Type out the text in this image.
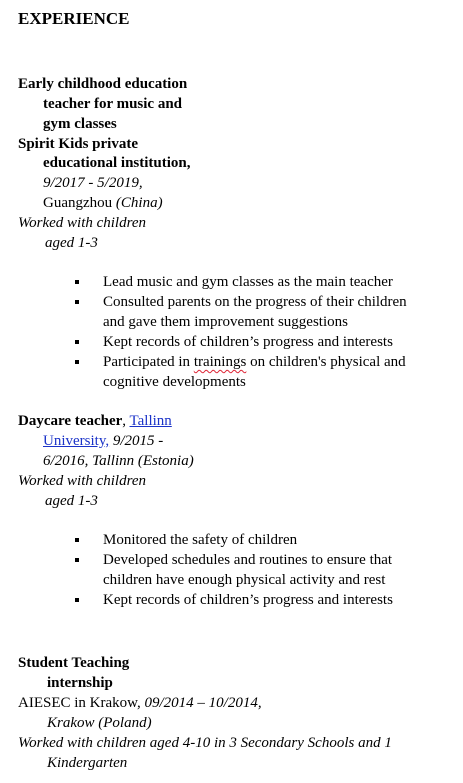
EXPERIENCE
Early childhood education
teacher for music and
gym classes
Spirit Kids private
educational institution,
9/2017 - 5/2019,
Guangzhou (China)
Worked with children
aged 1-3
Lead music and gym classes as the main teacher
Consulted parents on the progress of their children
and gave them improvement suggestions
Kept records of children’s progress and interests
Participated in trainings on children's physical and
cognitive developments
Daycare teacher, Tallinn
University, 9/2015 -
6/2016, Tallinn (Estonia)
Worked with children
aged 1-3
Monitored the safety of children
Developed schedules and routines to ensure that
children have enough physical activity and rest
Kept records of children’s progress and interests
Student Teaching
internship
AIESEC in Krakow, 09/2014 – 10/2014,
Krakow (Poland)
Worked with children aged 4-10 in 3 Secondary Schools and 1
Kindergarten
